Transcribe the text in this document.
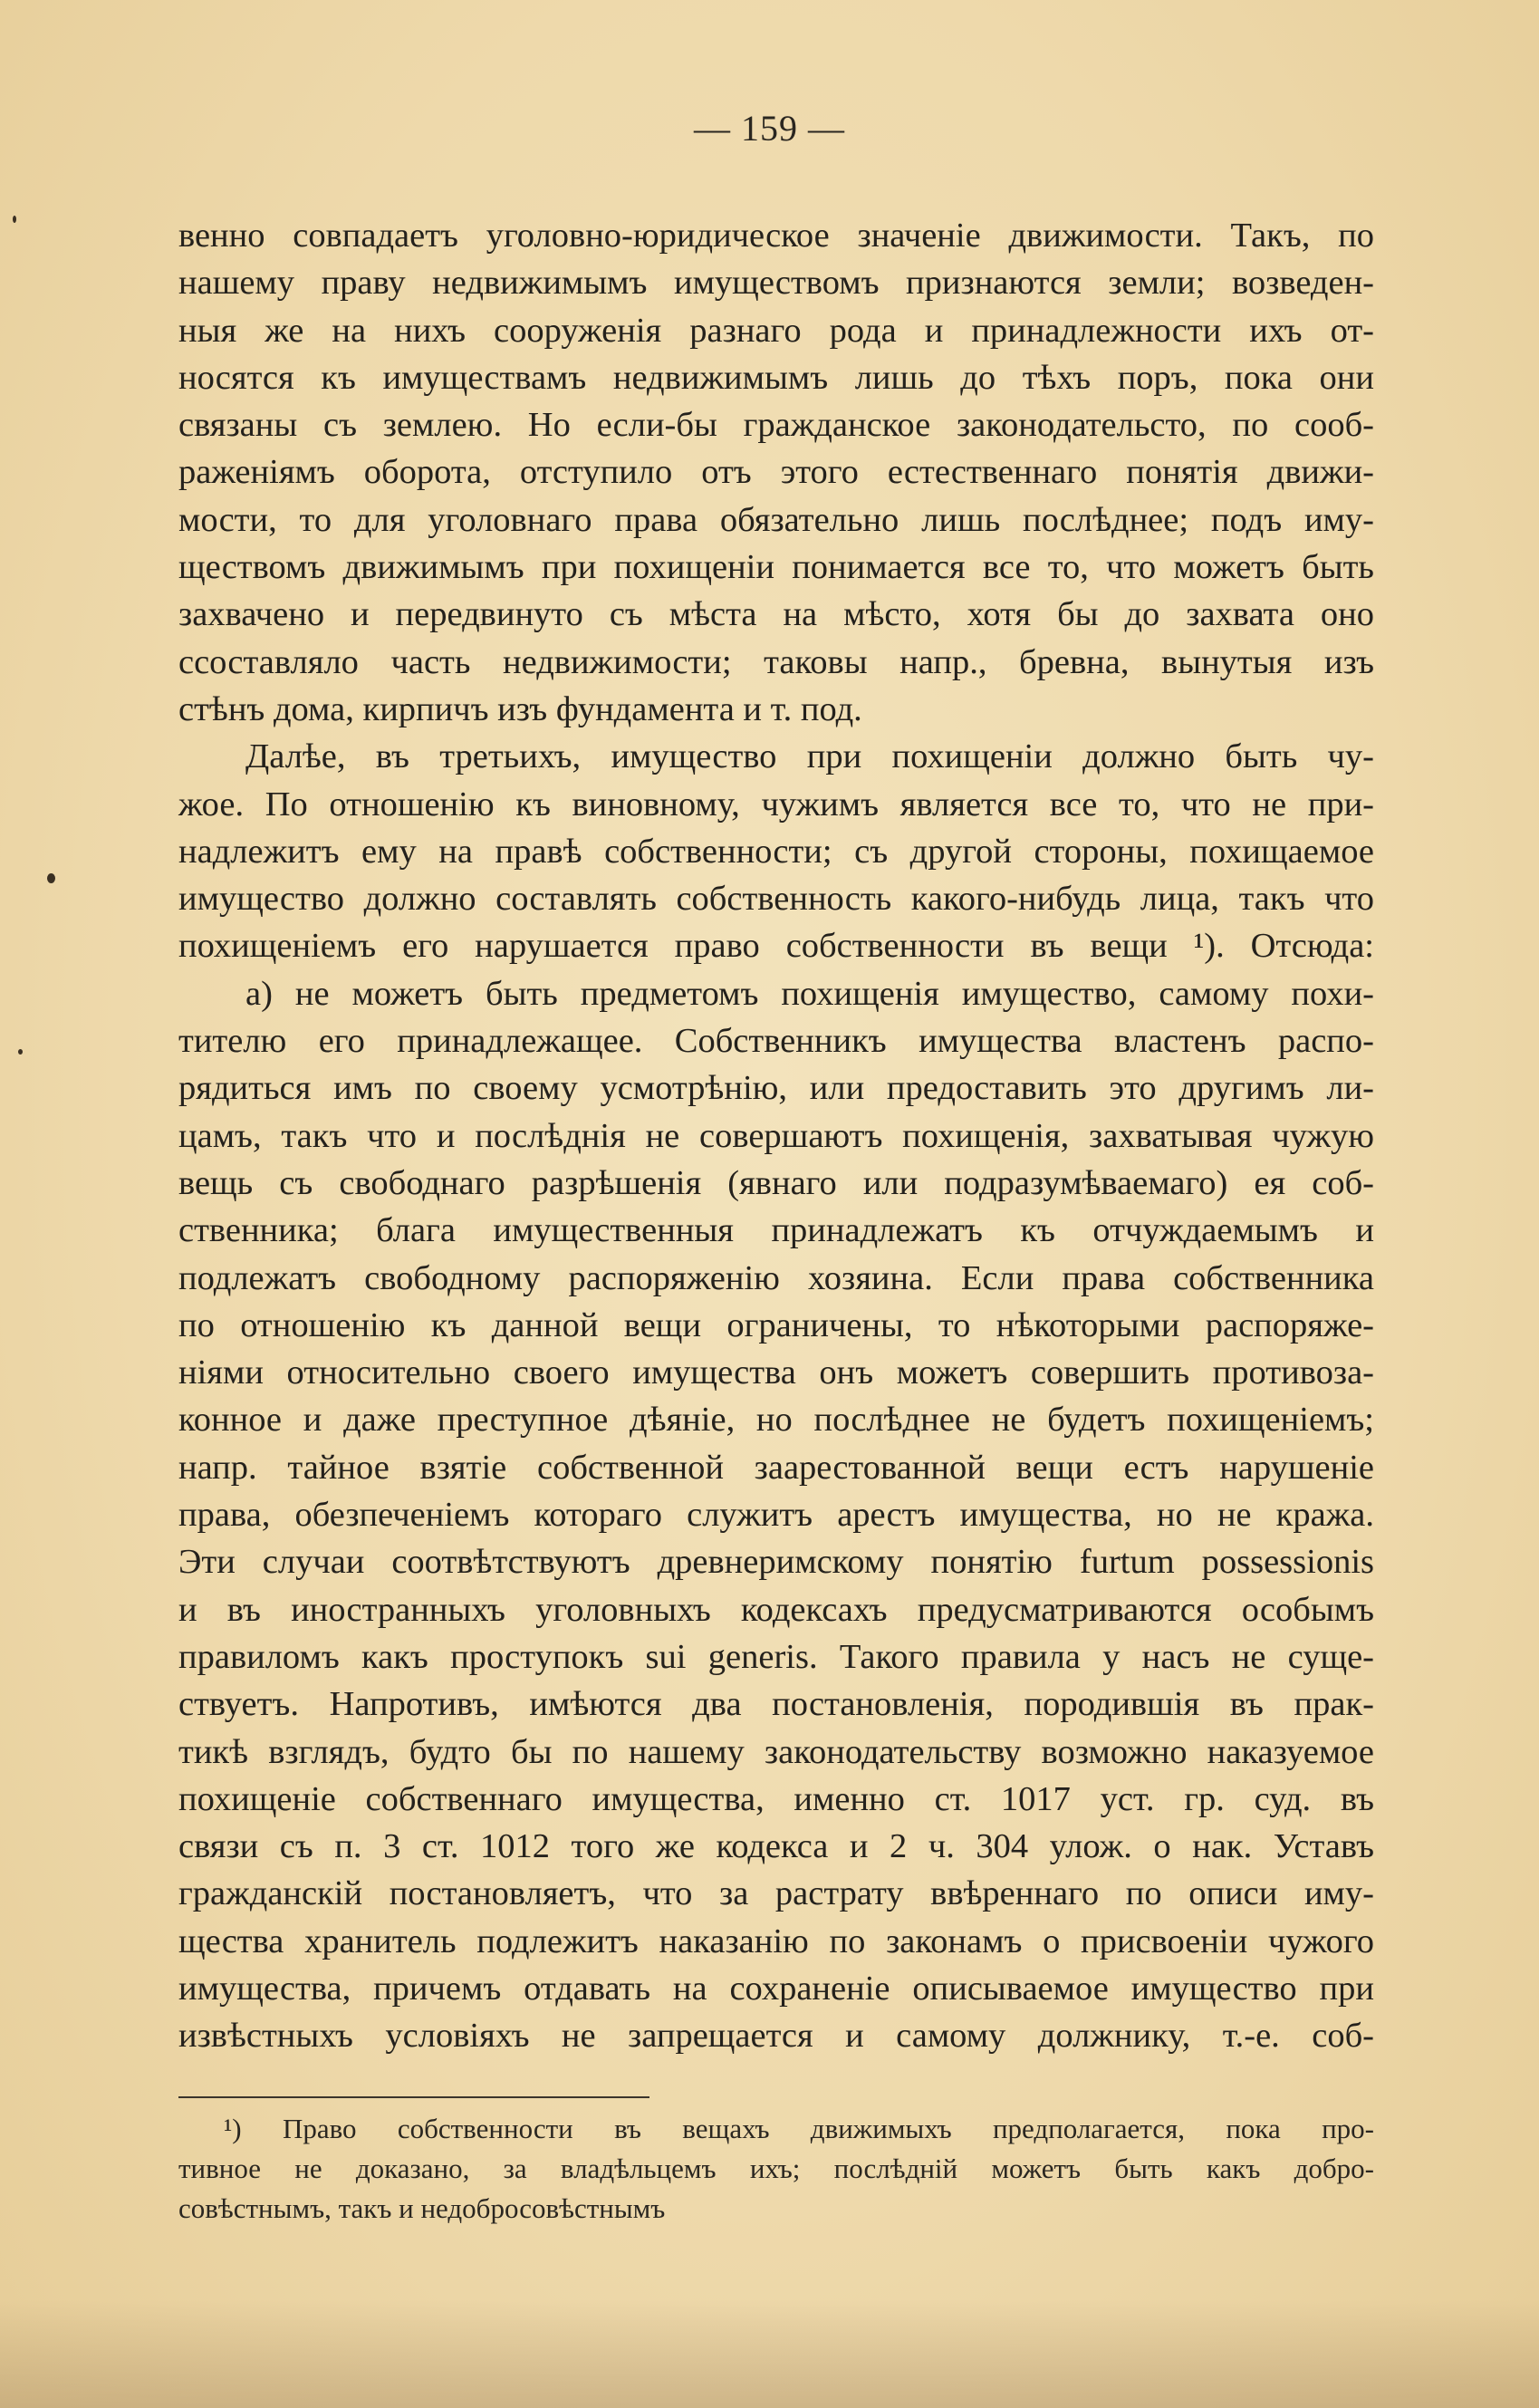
— 159 —
венно совпадаетъ уголовно-юридическое значенiе движимости. Такъ, по
нашему праву недвижимымъ имуществомъ признаются земли; возведен-
ныя же на нихъ сооруженiя разнаго рода и принадлежности ихъ от-
носятся къ имуществамъ недвижимымъ лишь до тѣхъ поръ, пока они
связаны съ землею. Но если-бы гражданское законодательсто, по сооб-
раженiямъ оборота, отступило отъ этого естественнаго понятiя движи-
мости, то для уголовнаго права обязательно лишь послѣднее; подъ иму-
ществомъ движимымъ при похищенiи понимается все то, что можетъ быть
захвачено и передвинуто съ мѣста на мѣсто, хотя бы до захвата оно
ссоставляло часть недвижимости; таковы напр., бревна, вынутыя изъ
стѣнъ дома, кирпичъ изъ фундамента и т. под.
Далѣе, въ третьихъ, имущество при похищенiи должно быть чу-
жое. По отношенiю къ виновному, чужимъ является все то, что не при-
надлежитъ ему на правѣ собственности; съ другой стороны, похищаемое
имущество должно составлять собственность какого-нибудь лица, такъ что
похищенiемъ его нарушается право собственности въ вещи ¹). Отсюда:
а) не можетъ быть предметомъ похищенiя имущество, самому похи-
тителю его принадлежащее. Собственникъ имущества властенъ распо-
рядиться имъ по своему усмотрѣнiю, или предоставить это другимъ ли-
цамъ, такъ что и послѣднiя не совершаютъ похищенiя, захватывая чужую
вещь съ свободнаго разрѣшенiя (явнаго или подразумѣваемаго) ея соб-
ственника; блага имущественныя принадлежатъ къ отчуждаемымъ и
подлежатъ свободному распоряженiю хозяина. Если права собственника
по отношенiю къ данной вещи ограничены, то нѣкоторыми распоряже-
нiями относительно своего имущества онъ можетъ совершить противоза-
конное и даже преступное дѣянiе, но послѣднее не будетъ похищенiемъ;
напр. тайное взятiе собственной заарестованной вещи естъ нарушенiе
права, обезпеченiемъ котораго служитъ арестъ имущества, но не кража.
Эти случаи соотвѣтствуютъ древнеримскому понятiю furtum possessionis
и въ иностранныхъ уголовныхъ кодексахъ предусматриваются особымъ
правиломъ какъ проступокъ sui generis. Такого правила у насъ не суще-
ствуетъ. Напротивъ, имѣются два постановленiя, породившiя въ прак-
тикѣ взглядъ, будто бы по нашему законодательству возможно наказуемое
похищенiе собственнаго имущества, именно ст. 1017 уст. гр. суд. въ
связи съ п. 3 ст. 1012 того же кодекса и 2 ч. 304 улож. о нак. Уставъ
гражданскiй постановляетъ, что за растрату ввѣреннаго по описи иму-
щества хранитель подлежитъ наказанiю по законамъ о присвоенiи чужого
имущества, причемъ отдавать на сохраненiе описываемое имущество при
извѣстныхъ условiяхъ не запрещается и самому должнику, т.-е. соб-
¹) Право собственности въ вещахъ движимыхъ предполагается, пока про-
тивное не доказано, за владѣльцемъ ихъ; послѣднiй можетъ быть какъ добро-
совѣстнымъ, такъ и недобросовѣстнымъ
